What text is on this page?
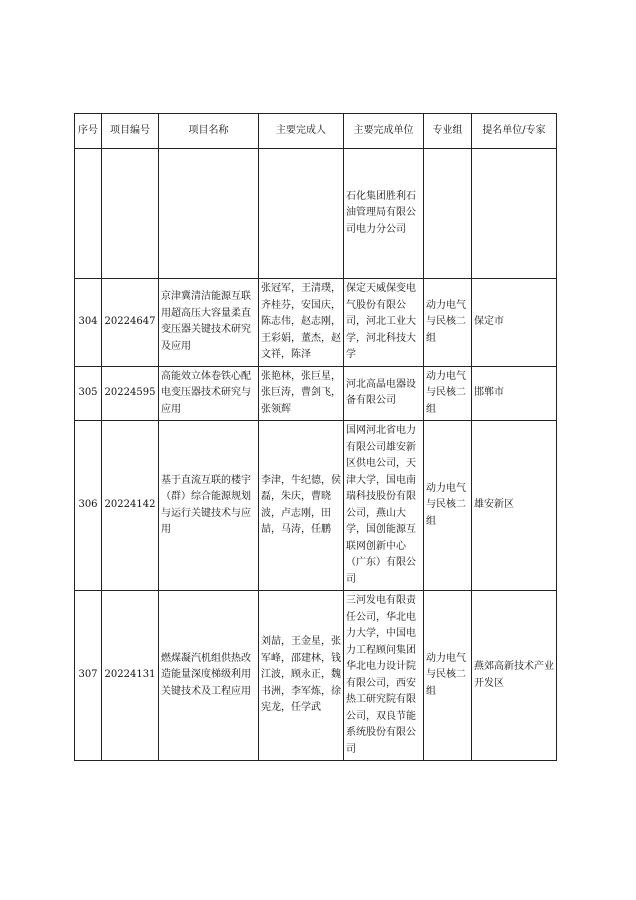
序号	项目编号	项目名称	主要完成人	主要完成单位	专业组	提名单位/专家
				石化集团胜利石油管理局有限公司电力分公司		
304	20224647	京津冀清洁能源互联用超高压大容量柔直变压器关键技术研究及应用	张冠军，王清璞，齐桂芬，安国庆，陈志伟，赵志刚，王彩娟，董杰，赵文祥，陈泽	保定天威保变电气股份有限公司，河北工业大学，河北科技大学	动力电气与民核二组	保定市
305	20224595	高能效立体卷铁心配电变压器技术研究与应用	张艳林，张巨星，张巨涛，曹剑飞，张领辉	河北高晶电器设备有限公司	动力电气与民核二组	邯郸市
306	20224142	基于直流互联的楼宇（群）综合能源规划与运行关键技术与应用	李津，牛纪德，侯磊，朱庆，曹晓波，卢志刚，田喆，马涛，任鹏	国网河北省电力有限公司雄安新区供电公司，天津大学，国电南瑞科技股份有限公司，燕山大学，国创能源互联网创新中心（广东）有限公司	动力电气与民核二组	雄安新区
307	20224131	燃煤凝汽机组供热改造能量深度梯级利用关键技术及工程应用	刘喆，王金星，张军峰，邵建林，钱江波，顾永正，魏书洲，李军炼，徐宪龙，任学武	三河发电有限责任公司，华北电力大学，中国电力工程顾问集团华北电力设计院有限公司，西安热工研究院有限公司，双良节能系统股份有限公司	动力电气与民核二组	燕郊高新技术产业开发区
